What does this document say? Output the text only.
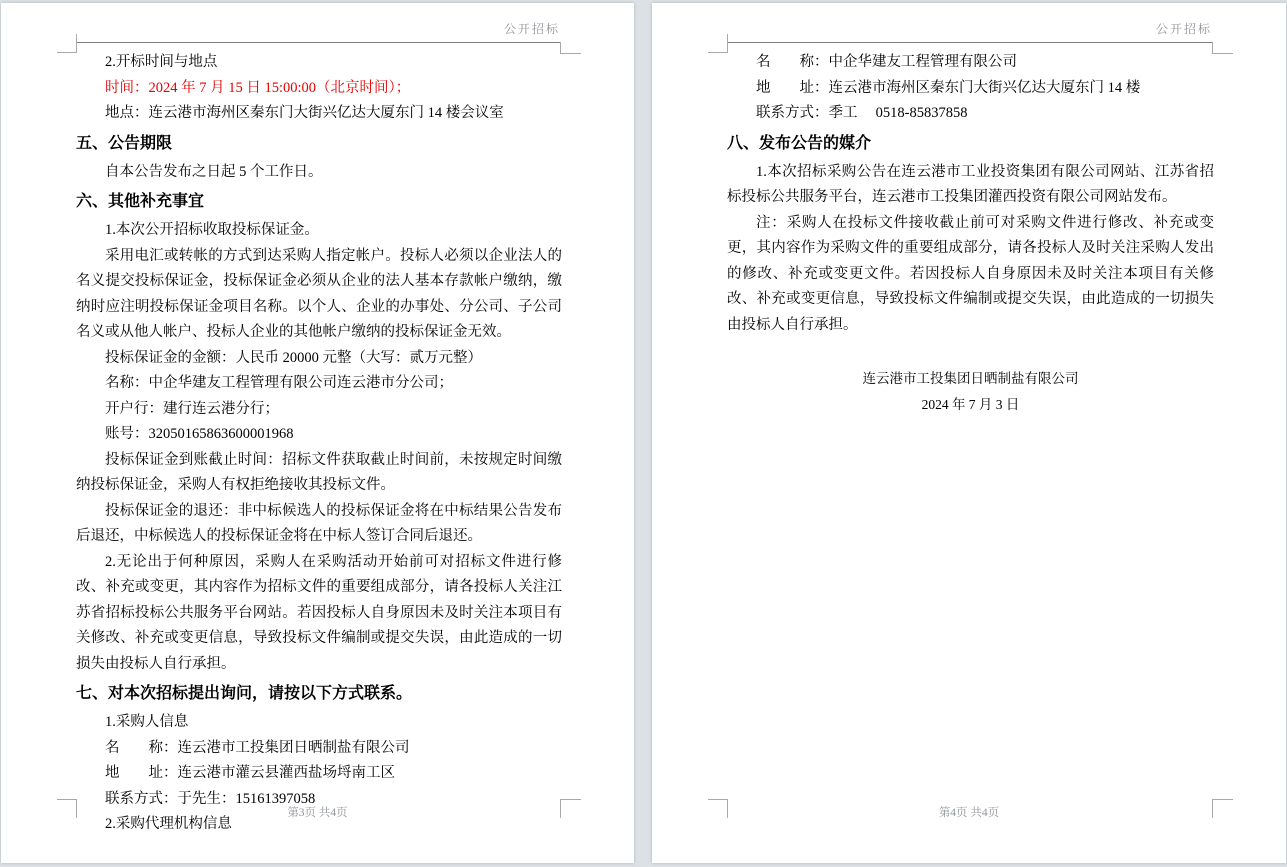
公开招标
2.开标时间与地点
时间：2024 年 7 月 15 日 15:00:00（北京时间）；
地点：连云港市海州区秦东门大街兴亿达大厦东门 14 楼会议室
五、公告期限
自本公告发布之日起 5 个工作日。
六、其他补充事宜
1.本次公开招标收取投标保证金。
采用电汇或转帐的方式到达采购人指定帐户。投标人必须以企业法人的名义提交投标保证金，投标保证金必须从企业的法人基本存款帐户缴纳，缴纳时应注明投标保证金项目名称。以个人、企业的办事处、分公司、子公司名义或从他人帐户、投标人企业的其他帐户缴纳的投标保证金无效。
投标保证金的金额：人民币 20000 元整（大写：贰万元整）
名称：中企华建友工程管理有限公司连云港市分公司；
开户行：建行连云港分行；
账号：32050165863600001968
投标保证金到账截止时间：招标文件获取截止时间前，未按规定时间缴纳投标保证金，采购人有权拒绝接收其投标文件。
投标保证金的退还：非中标候选人的投标保证金将在中标结果公告发布后退还，中标候选人的投标保证金将在中标人签订合同后退还。
2.无论出于何种原因，采购人在采购活动开始前可对招标文件进行修改、补充或变更，其内容作为招标文件的重要组成部分，请各投标人关注江苏省招标投标公共服务平台网站。若因投标人自身原因未及时关注本项目有关修改、补充或变更信息，导致投标文件编制或提交失误，由此造成的一切损失由投标人自行承担。
七、对本次招标提出询问，请按以下方式联系。
1.采购人信息
名　　称：连云港市工投集团日晒制盐有限公司
地　　址：连云港市灌云县灌西盐场埒南工区
联系方式：于先生：15161397058
2.采购代理机构信息
第3页 共4页
公开招标
名　　称：中企华建友工程管理有限公司
地　　址：连云港市海州区秦东门大街兴亿达大厦东门 14 楼
联系方式：季工　 0518-85837858
八、发布公告的媒介
1.本次招标采购公告在连云港市工业投资集团有限公司网站、江苏省招标投标公共服务平台，连云港市工投集团灌西投资有限公司网站发布。
注：采购人在投标文件接收截止前可对采购文件进行修改、补充或变更，其内容作为采购文件的重要组成部分，请各投标人及时关注采购人发出的修改、补充或变更文件。若因投标人自身原因未及时关注本项目有关修改、补充或变更信息，导致投标文件编制或提交失误，由此造成的一切损失由投标人自行承担。
连云港市工投集团日晒制盐有限公司
2024 年 7 月 3 日
第4页 共4页
